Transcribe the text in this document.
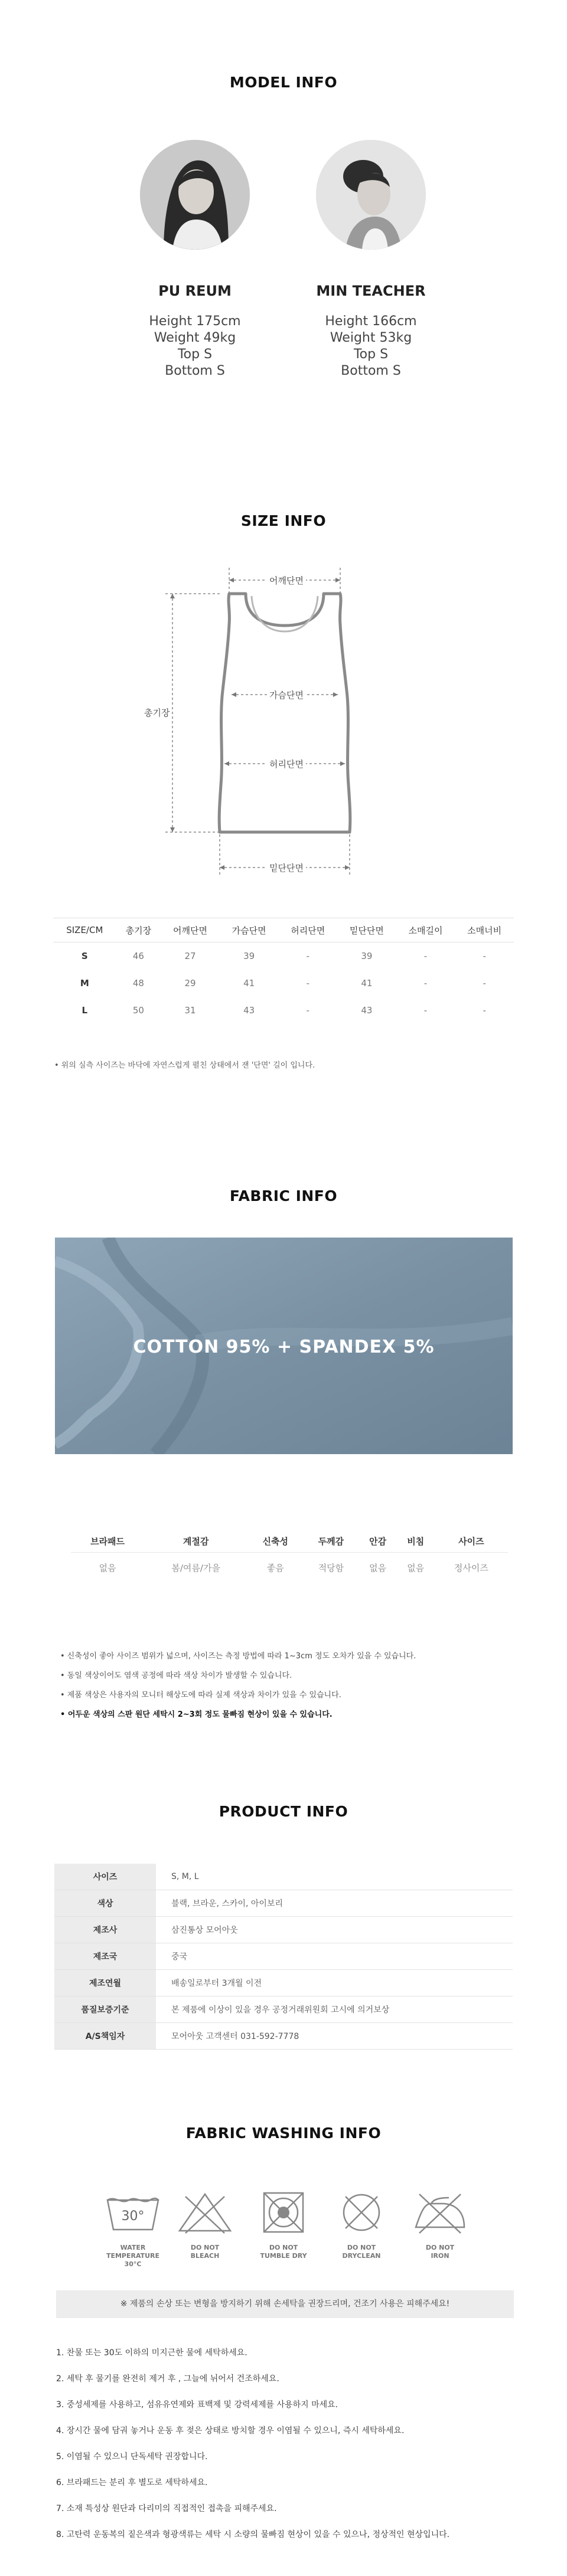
MODEL INFO
PU REUM
Height 175cm
Weight 49kg
Top S
Bottom S
MIN TEACHER
Height 166cm
Weight 53kg
Top S
Bottom S
SIZE INFO
어깨단면
가슴단면
허리단면
밑단단면
총기장
SIZE/CM	총기장	어깨단면	가슴단면	허리단면	밑단단면	소매길이	소매너비
S	46	27	39	-	39	-	-
M	48	29	41	-	41	-	-
L	50	31	43	-	43	-	-
• 위의 실측 사이즈는 바닥에 자연스럽게 펼친 상태에서 잰 '단면' 길이 입니다.
FABRIC INFO
COTTON 95% + SPANDEX 5%
브라패드	계절감	신축성	두께감	안감	비침	사이즈
없음	봄/여름/가을	좋음	적당함	없음	없음	정사이즈
• 신축성이 좋아 사이즈 범위가 넓으며, 사이즈는 측정 방법에 따라 1~3cm 정도 오차가 있을 수 있습니다.
• 동일 색상이어도 염색 공정에 따라 색상 차이가 발생할 수 있습니다.
• 제품 색상은 사용자의 모니터 해상도에 따라 실제 색상과 차이가 있을 수 있습니다.
• 어두운 색상의 스판 원단 세탁시 2~3회 정도 물빠짐 현상이 있을 수 있습니다.
PRODUCT INFO
사이즈	S, M, L
색상	블랙, 브라운, 스카이, 아이보리
제조사	삼진통상 모어아웃
제조국	중국
제조연월	배송일로부터 3개월 이전
품질보증기준	본 제품에 이상이 있을 경우 공정거래위원회 고시에 의거보상
A/S책임자	모어아웃 고객센터 031-592-7778
FABRIC WASHING INFO
30°
WATER
TEMPERATURE 30°C
DO NOT
BLEACH
DO NOT
TUMBLE DRY
DO NOT
DRYCLEAN
DO NOT
IRON
※ 제품의 손상 또는 변형을 방지하기 위해 손세탁을 권장드리며, 건조기 사용은 피해주세요!
1. 찬물 또는 30도 이하의 미지근한 물에 세탁하세요.
2. 세탁 후 물기를 완전히 제거 후 , 그늘에 뉘어서 건조하세요.
3. 중성세제를 사용하고, 섬유유연제와 표백제 및 강력세제를 사용하지 마세요.
4. 장시간 물에 담궈 놓거나 운동 후 젖은 상태로 방치할 경우 이염될 수 있으니, 즉시 세탁하세요.
5. 이염될 수 있으니 단독세탁 권장합니다.
6. 브라패드는 분리 후 별도로 세탁하세요.
7. 소재 특성상 원단과 다리미의 직접적인 접촉을 피해주세요.
8. 고탄력 운동복의 짙은색과 형광색류는 세탁 시 소량의 물빠짐 현상이 있을 수 있으나, 정상적인 현상입니다.
